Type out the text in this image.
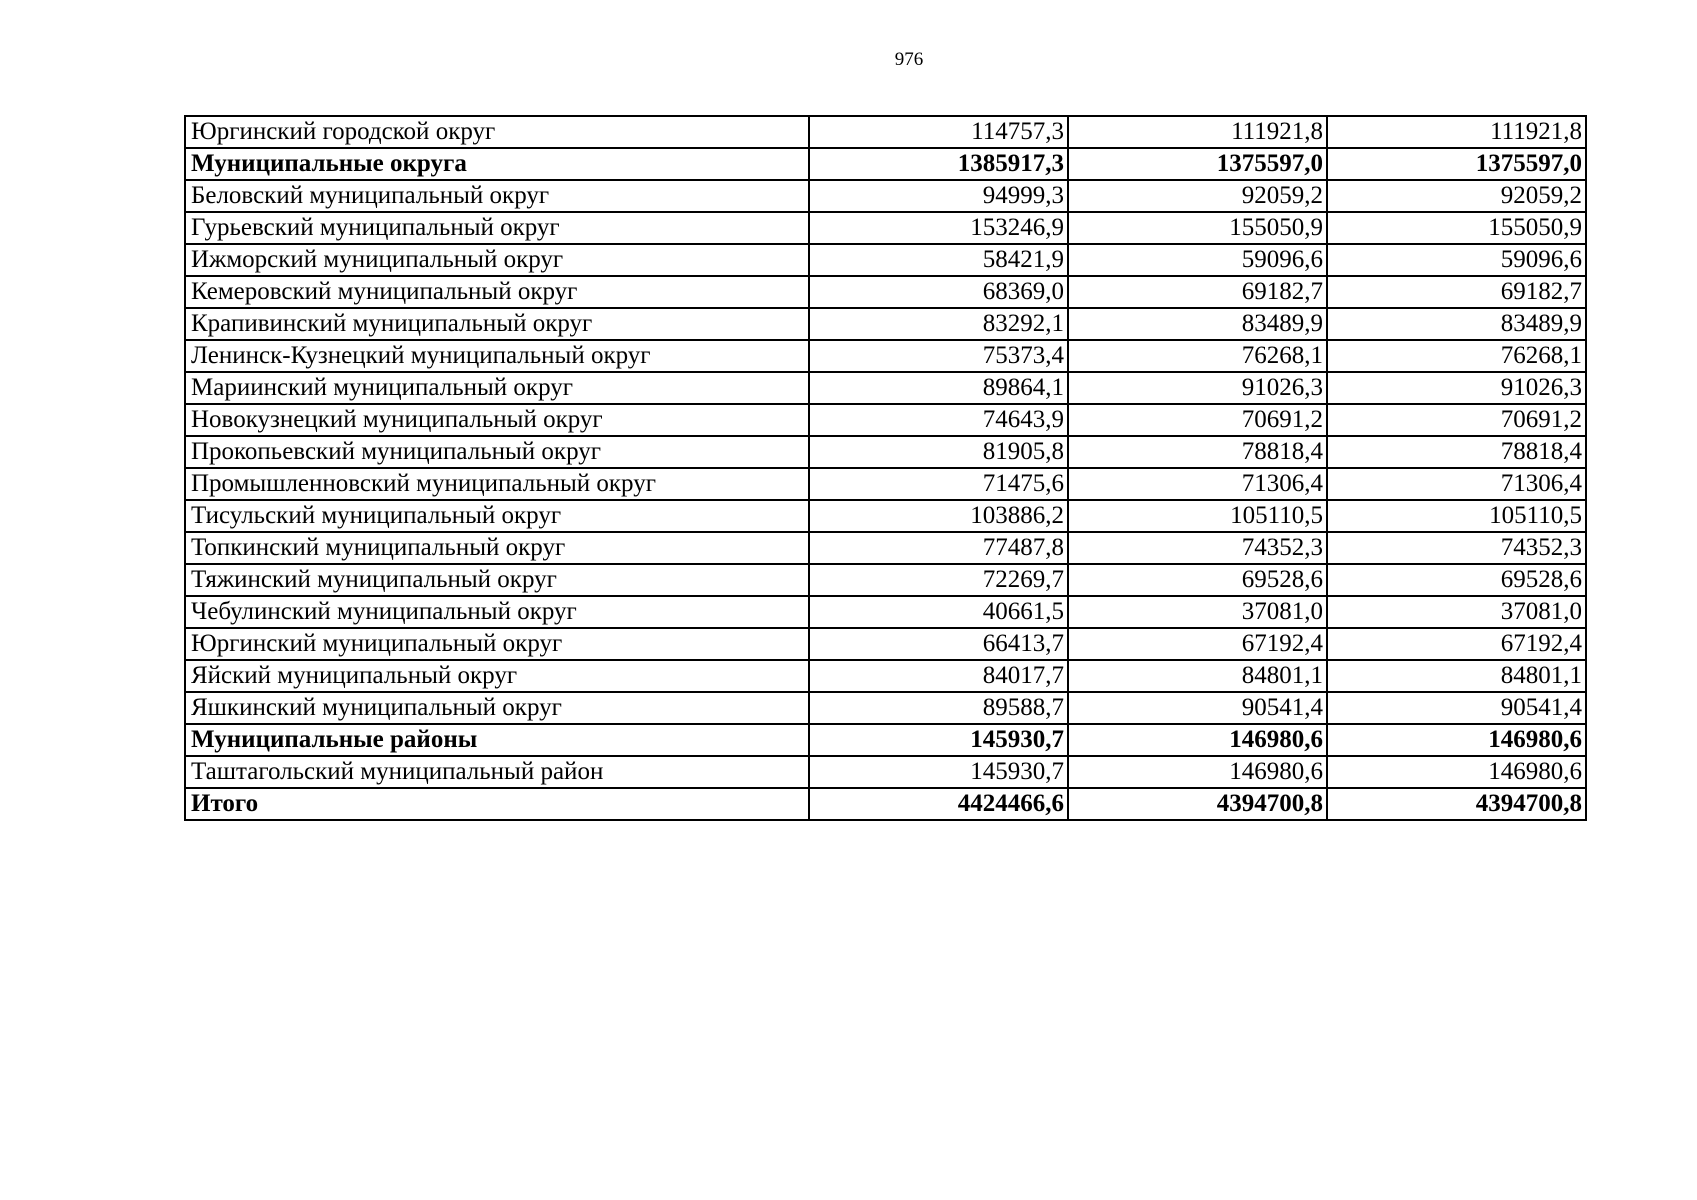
976
Юргинский городской округ	114757,3	111921,8	111921,8
Муниципальные округа	1385917,3	1375597,0	1375597,0
Беловский муниципальный округ	94999,3	92059,2	92059,2
Гурьевский муниципальный округ	153246,9	155050,9	155050,9
Ижморский муниципальный округ	58421,9	59096,6	59096,6
Кемеровский муниципальный округ	68369,0	69182,7	69182,7
Крапивинский муниципальный округ	83292,1	83489,9	83489,9
Ленинск-Кузнецкий муниципальный округ	75373,4	76268,1	76268,1
Мариинский муниципальный округ	89864,1	91026,3	91026,3
Новокузнецкий муниципальный округ	74643,9	70691,2	70691,2
Прокопьевский муниципальный округ	81905,8	78818,4	78818,4
Промышленновский муниципальный округ	71475,6	71306,4	71306,4
Тисульский муниципальный округ	103886,2	105110,5	105110,5
Топкинский муниципальный округ	77487,8	74352,3	74352,3
Тяжинский муниципальный округ	72269,7	69528,6	69528,6
Чебулинский муниципальный округ	40661,5	37081,0	37081,0
Юргинский муниципальный округ	66413,7	67192,4	67192,4
Яйский муниципальный округ	84017,7	84801,1	84801,1
Яшкинский муниципальный округ	89588,7	90541,4	90541,4
Муниципальные районы	145930,7	146980,6	146980,6
Таштагольский муниципальный район	145930,7	146980,6	146980,6
Итого	4424466,6	4394700,8	4394700,8
